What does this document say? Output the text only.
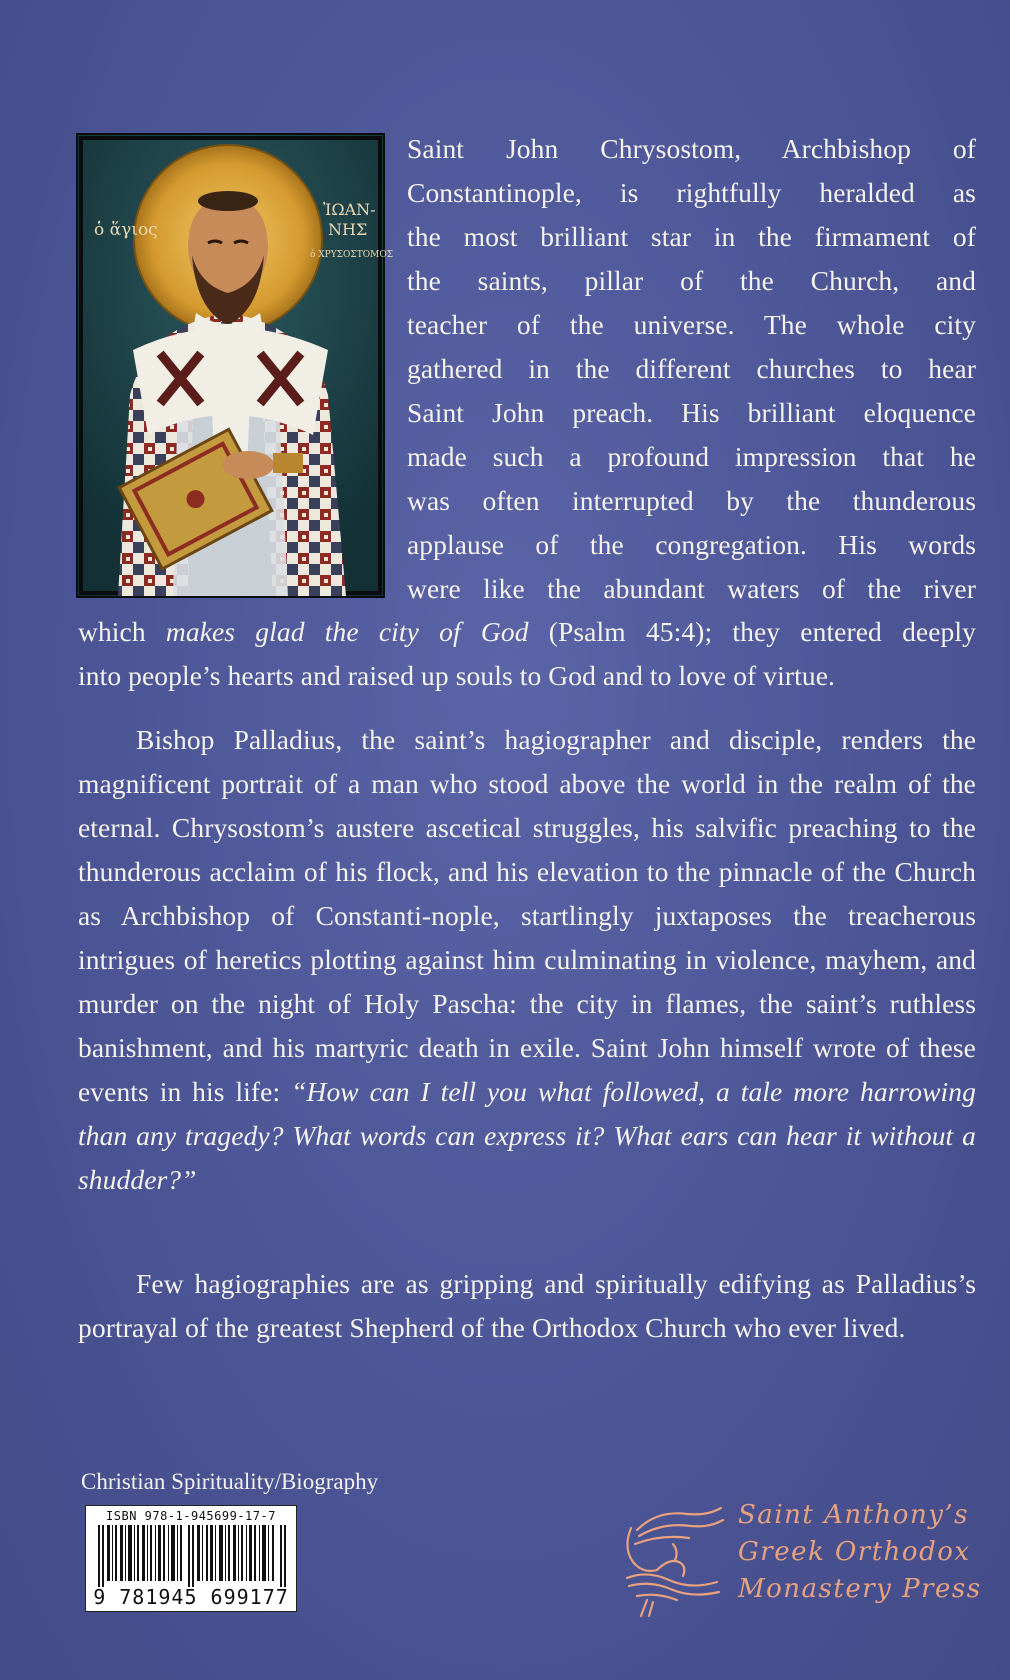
ὁ ἅγιος
ἸΩΑΝ-
ΝΗΣ
ὁ ΧΡΥΣΟΣΤΟΜΟΣ
Saint John Chrysostom, Archbishop of
Constantinople, is rightfully heralded as
the most brilliant star in the firmament of
the saints, pillar of the Church, and
teacher of the universe. The whole city
gathered in the different churches to hear
Saint John preach. His brilliant eloquence
made such a profound impression that he
was often interrupted by the thunderous
applause of the congregation. His words
were like the abundant waters of the river
which makes glad the city of God (Psalm 45:4); they entered deeply
into people’s hearts and raised up souls to God and to love of virtue.
Bishop Palladius, the saint’s hagiographer and disciple, renders the magnificent portrait of a man who stood above the world in the realm of the eternal. Chrysostom’s austere ascetical struggles, his salvific preaching to the thunderous acclaim of his flock, and his elevation to the pinnacle of the Church as Archbishop of Constanti-nople, startlingly juxtaposes the treacherous intrigues of heretics plotting against him culminating in violence, mayhem, and murder on the night of Holy Pascha: the city in flames, the saint’s ruthless banishment, and his martyric death in exile. Saint John himself wrote of these events in his life: “How can I tell you what followed, a tale more harrowing than any tragedy? What words can express it? What ears can hear it without a shudder?”
Few hagiographies are as gripping and spiritually edifying as Palladius’s portrayal of the greatest Shepherd of the Orthodox Church who ever lived.
Christian Spirituality/Biography
ISBN 978-1-945699-17-7
9 781945 699177
Saint Anthony’s
Greek Orthodox
Monastery Press
